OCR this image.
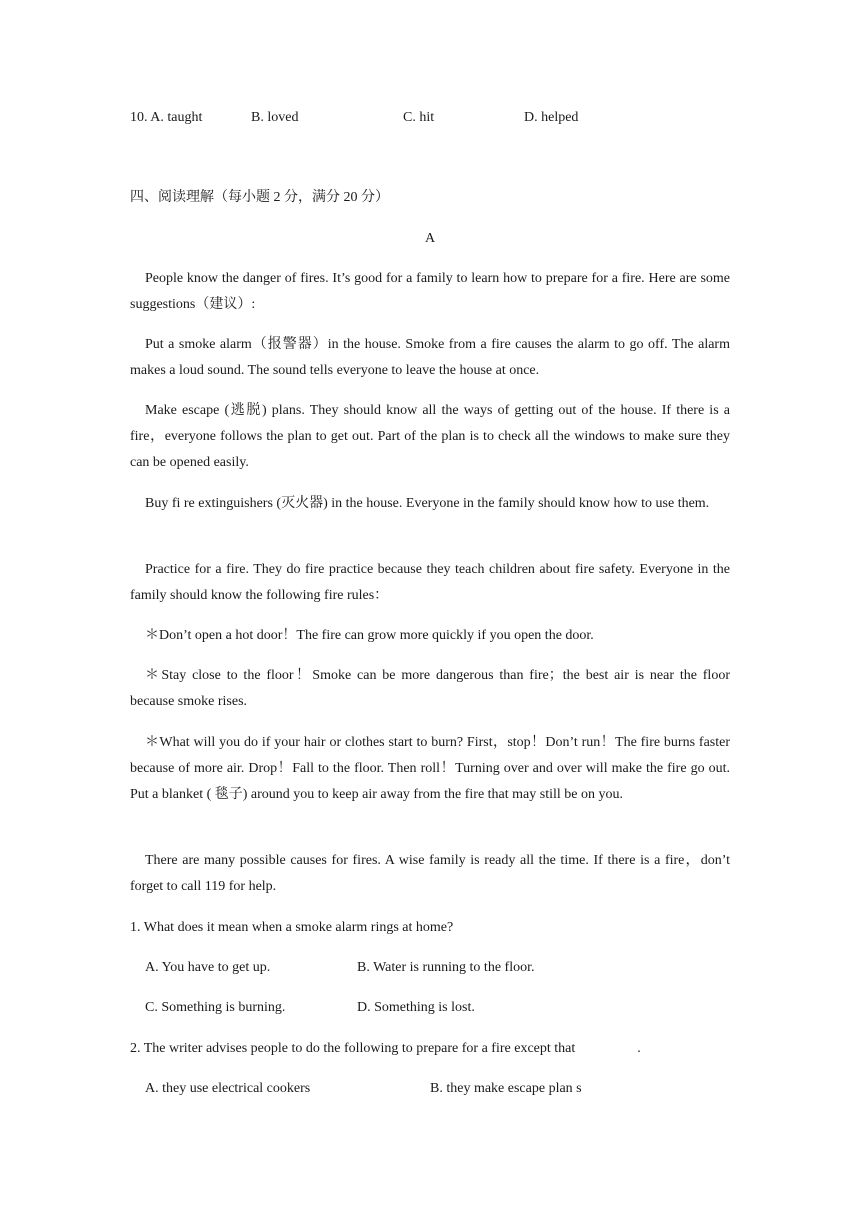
10. A. taught	B. loved	C. hit	D. helped
四、阅读理解（每小题 2 分，满分 20 分）
A
People know the danger of fires. It’s good for a family to learn how to prepare for a fire. Here are some suggestions（建议）:
Put a smoke alarm（报警器）in the house. Smoke from a fire causes the alarm to go off. The alarm makes a loud sound. The sound tells everyone to leave the house at once.
Make escape (逃脱) plans. They should know all the ways of getting out of the house. If there is a fire，everyone follows the plan to get out. Part of the plan is to check all the windows to make sure they can be opened easily.
Buy fi re extinguishers (灭火器) in the house. Everyone in the family should know how to use them.
Practice for a fire. They do fire practice because they teach children about fire safety. Everyone in the family should know the following fire rules：
＊Don’t open a hot door！The fire can grow more quickly if you open the door.
＊Stay close to the floor！Smoke can be more dangerous than fire；the best air is near the floor because smoke rises.
＊What will you do if your hair or clothes start to burn? First，stop！Don’t run！The fire burns faster because of more air. Drop！Fall to the floor. Then roll！Turning over and over will make the fire go out. Put a blanket ( 毯子) around you to keep air away from the fire that may still be on you.
There are many possible causes for fires. A wise family is ready all the time. If there is a fire，don’t forget to call 119 for help.
1. What does it mean when a smoke alarm rings at home?
A. You have to get up.	B. Water is running to the floor.
C. Something is burning.	D. Something is lost.
2. The writer advises people to do the following to prepare for a fire except that	.
A. they use electrical cookers	B. they make escape plan s
